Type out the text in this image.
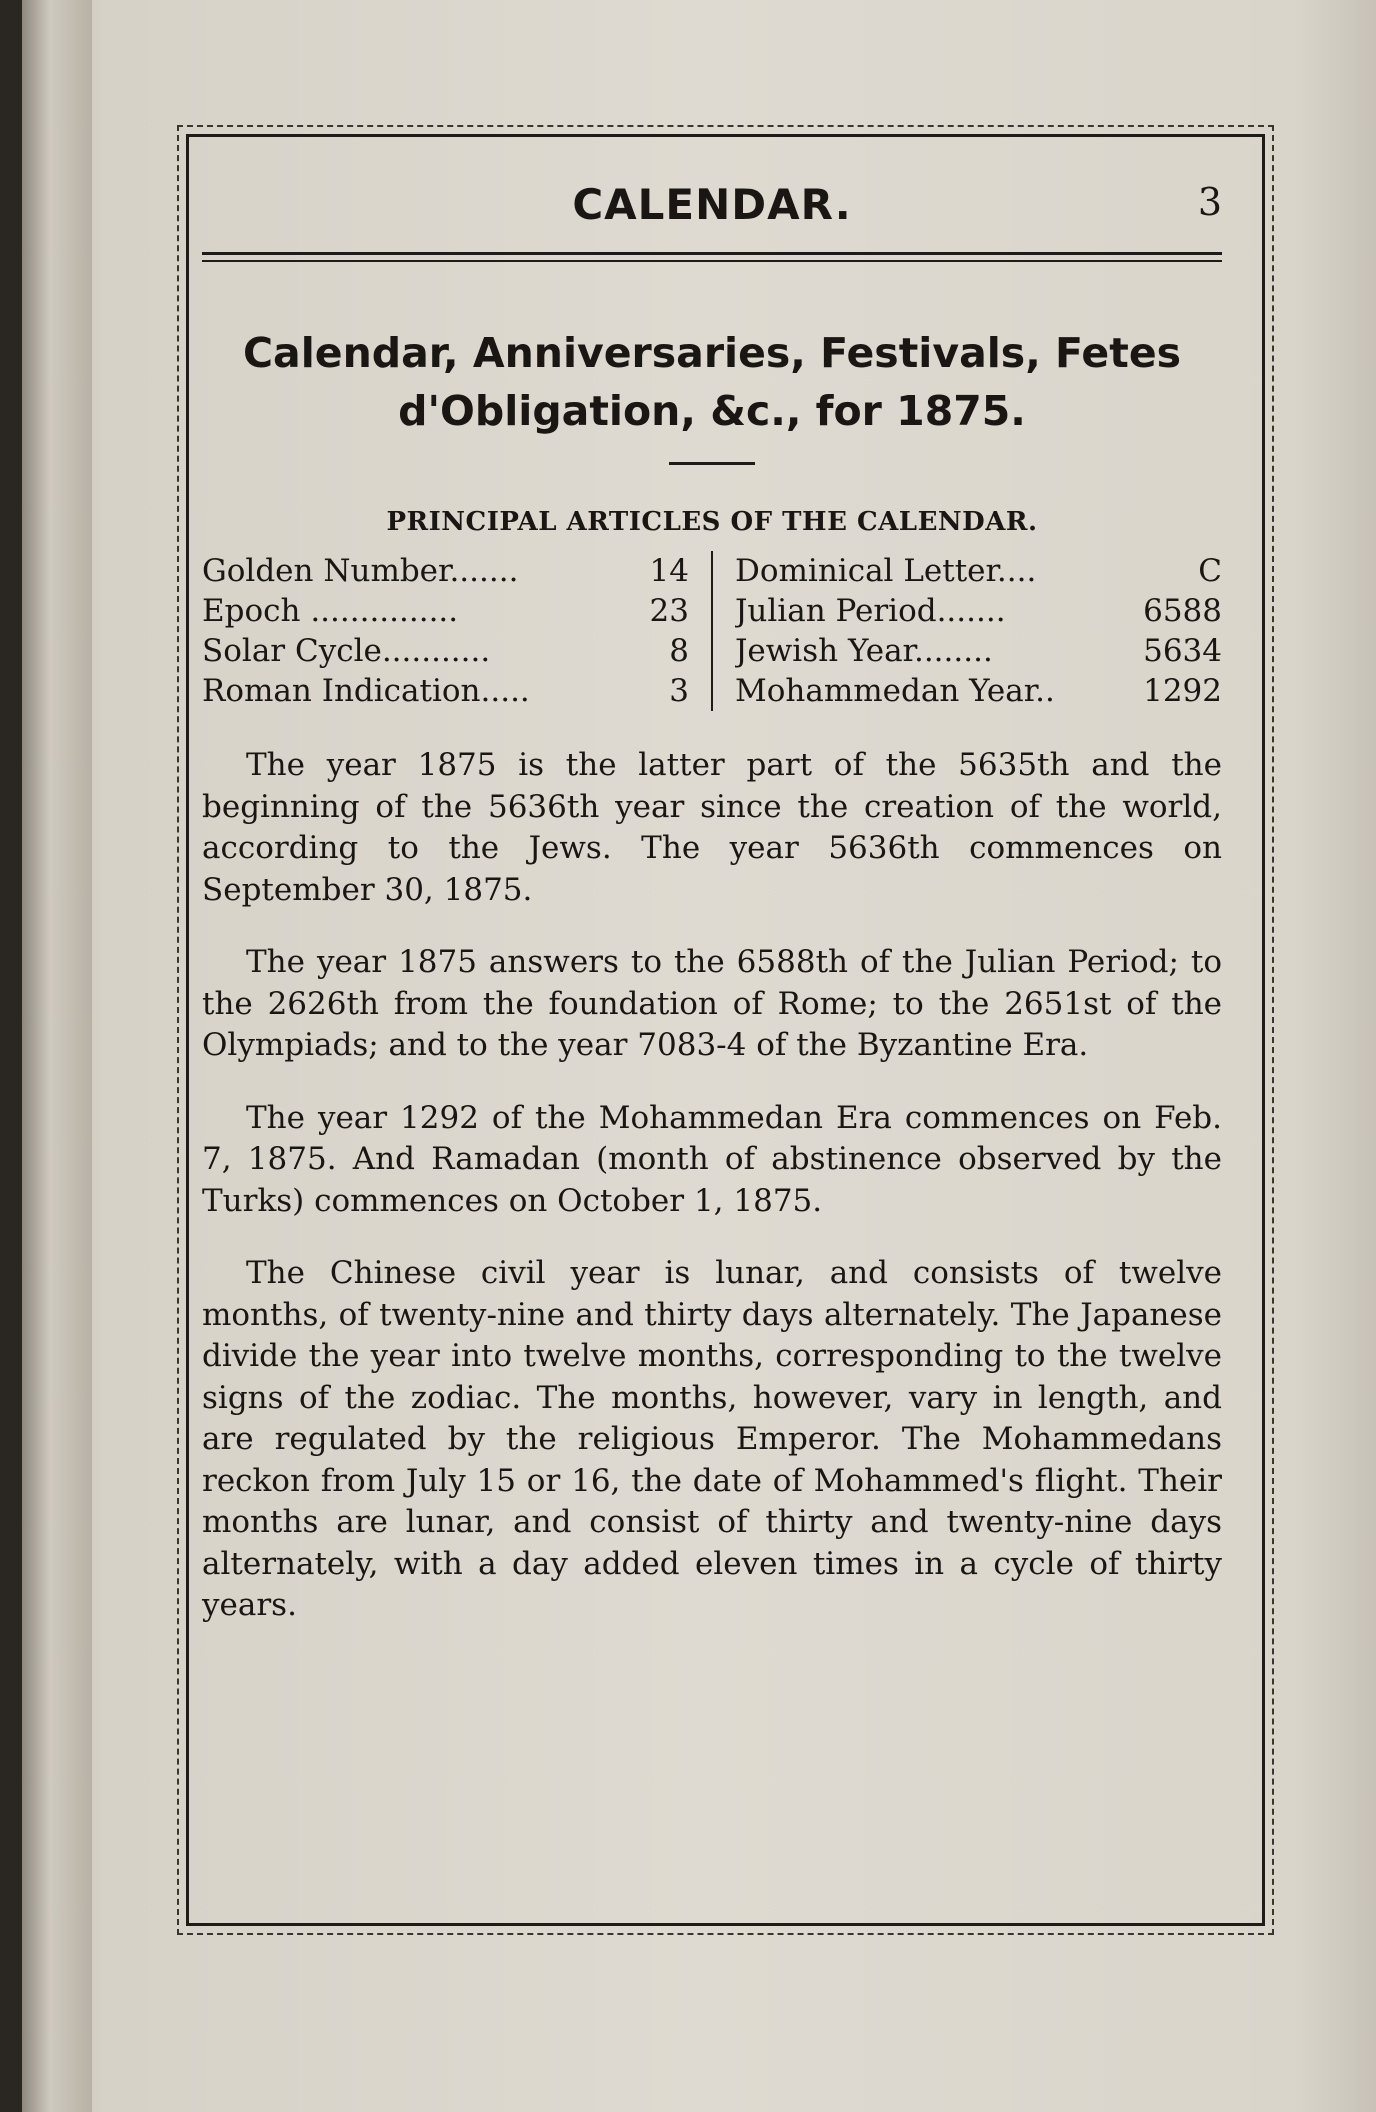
CALENDAR.	3
Calendar, Anniversaries, Festivals, Fetes
d'Obligation, &c., for 1875.
PRINCIPAL ARTICLES OF THE CALENDAR.
Golden Number.......	14
Epoch ...............	23
Solar Cycle...........	8
Roman Indication.....	3
Dominical Letter....	C
Julian Period.......	6588
Jewish Year........	5634
Mohammedan Year..	1292

The year 1875 is the latter part of the 5635th and the beginning of the 5636th year since the creation of the world, according to the Jews. The year 5636th commences on September 30, 1875.

The year 1875 answers to the 6588th of the Julian Period; to the 2626th from the foundation of Rome; to the 2651st of the Olympiads; and to the year 7083-4 of the Byzantine Era.

The year 1292 of the Mohammedan Era commences on Feb. 7, 1875. And Ramadan (month of abstinence observed by the Turks) commences on October 1, 1875.

The Chinese civil year is lunar, and consists of twelve months, of twenty-nine and thirty days alternately. The Japanese divide the year into twelve months, corresponding to the twelve signs of the zodiac. The months, however, vary in length, and are regulated by the religious Emperor. The Mohammedans reckon from July 15 or 16, the date of Mohammed's flight. Their months are lunar, and consist of thirty and twenty-nine days alternately, with a day added eleven times in a cycle of thirty years.
